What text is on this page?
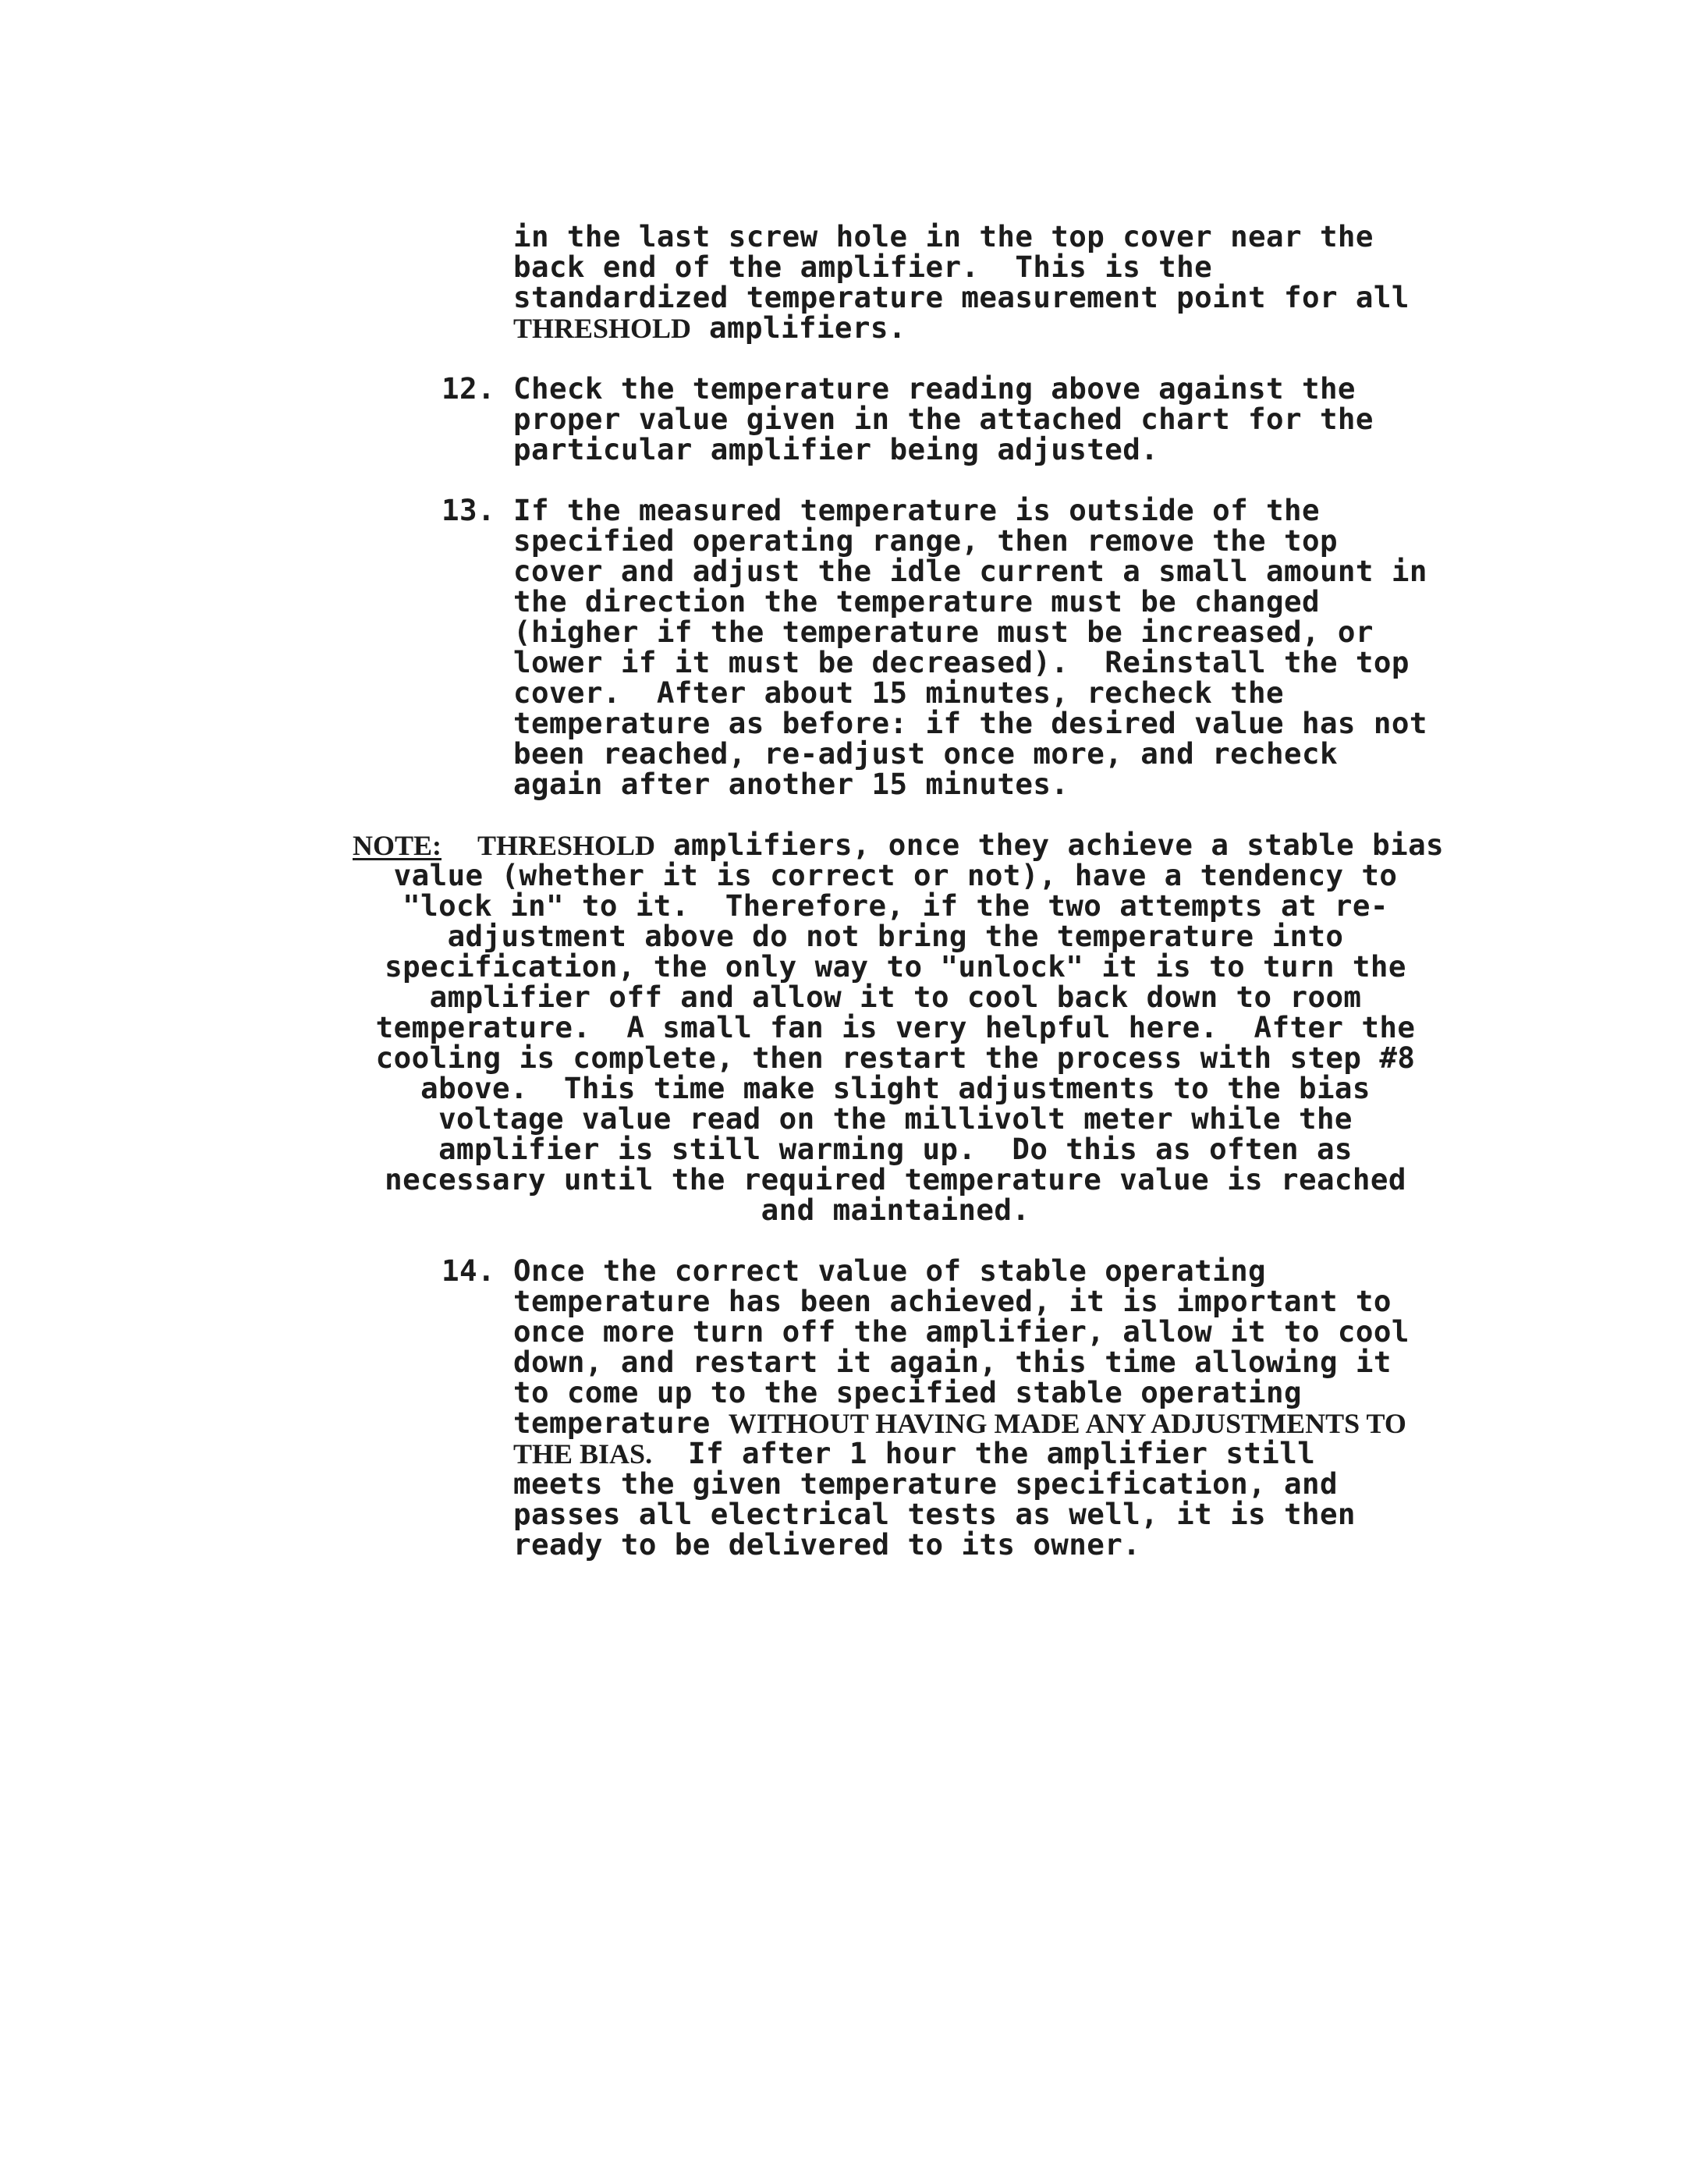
in the last screw hole in the top cover near the
back end of the amplifier.  This is the
standardized temperature measurement point for all
THRESHOLD amplifiers.
12. Check the temperature reading above against the
proper value given in the attached chart for the
particular amplifier being adjusted.
13. If the measured temperature is outside of the
specified operating range, then remove the top
cover and adjust the idle current a small amount in
the direction the temperature must be changed
(higher if the temperature must be increased, or
lower if it must be decreased).  Reinstall the top
cover.  After about 15 minutes, recheck the
temperature as before: if the desired value has not
been reached, re-adjust once more, and recheck
again after another 15 minutes.
NOTE: THRESHOLD amplifiers, once they achieve a stable bias
value (whether it is correct or not), have a tendency to
"lock in" to it.  Therefore, if the two attempts at re-
adjustment above do not bring the temperature into
specification, the only way to "unlock" it is to turn the
amplifier off and allow it to cool back down to room
temperature.  A small fan is very helpful here.  After the
cooling is complete, then restart the process with step #8
above.  This time make slight adjustments to the bias
voltage value read on the millivolt meter while the
amplifier is still warming up.  Do this as often as
necessary until the required temperature value is reached
and maintained.
14. Once the correct value of stable operating
temperature has been achieved, it is important to
once more turn off the amplifier, allow it to cool
down, and restart it again, this time allowing it
to come up to the specified stable operating
temperature WITHOUT HAVING MADE ANY ADJUSTMENTS TO
THE BIAS.  If after 1 hour the amplifier still
meets the given temperature specification, and
passes all electrical tests as well, it is then
ready to be delivered to its owner.
